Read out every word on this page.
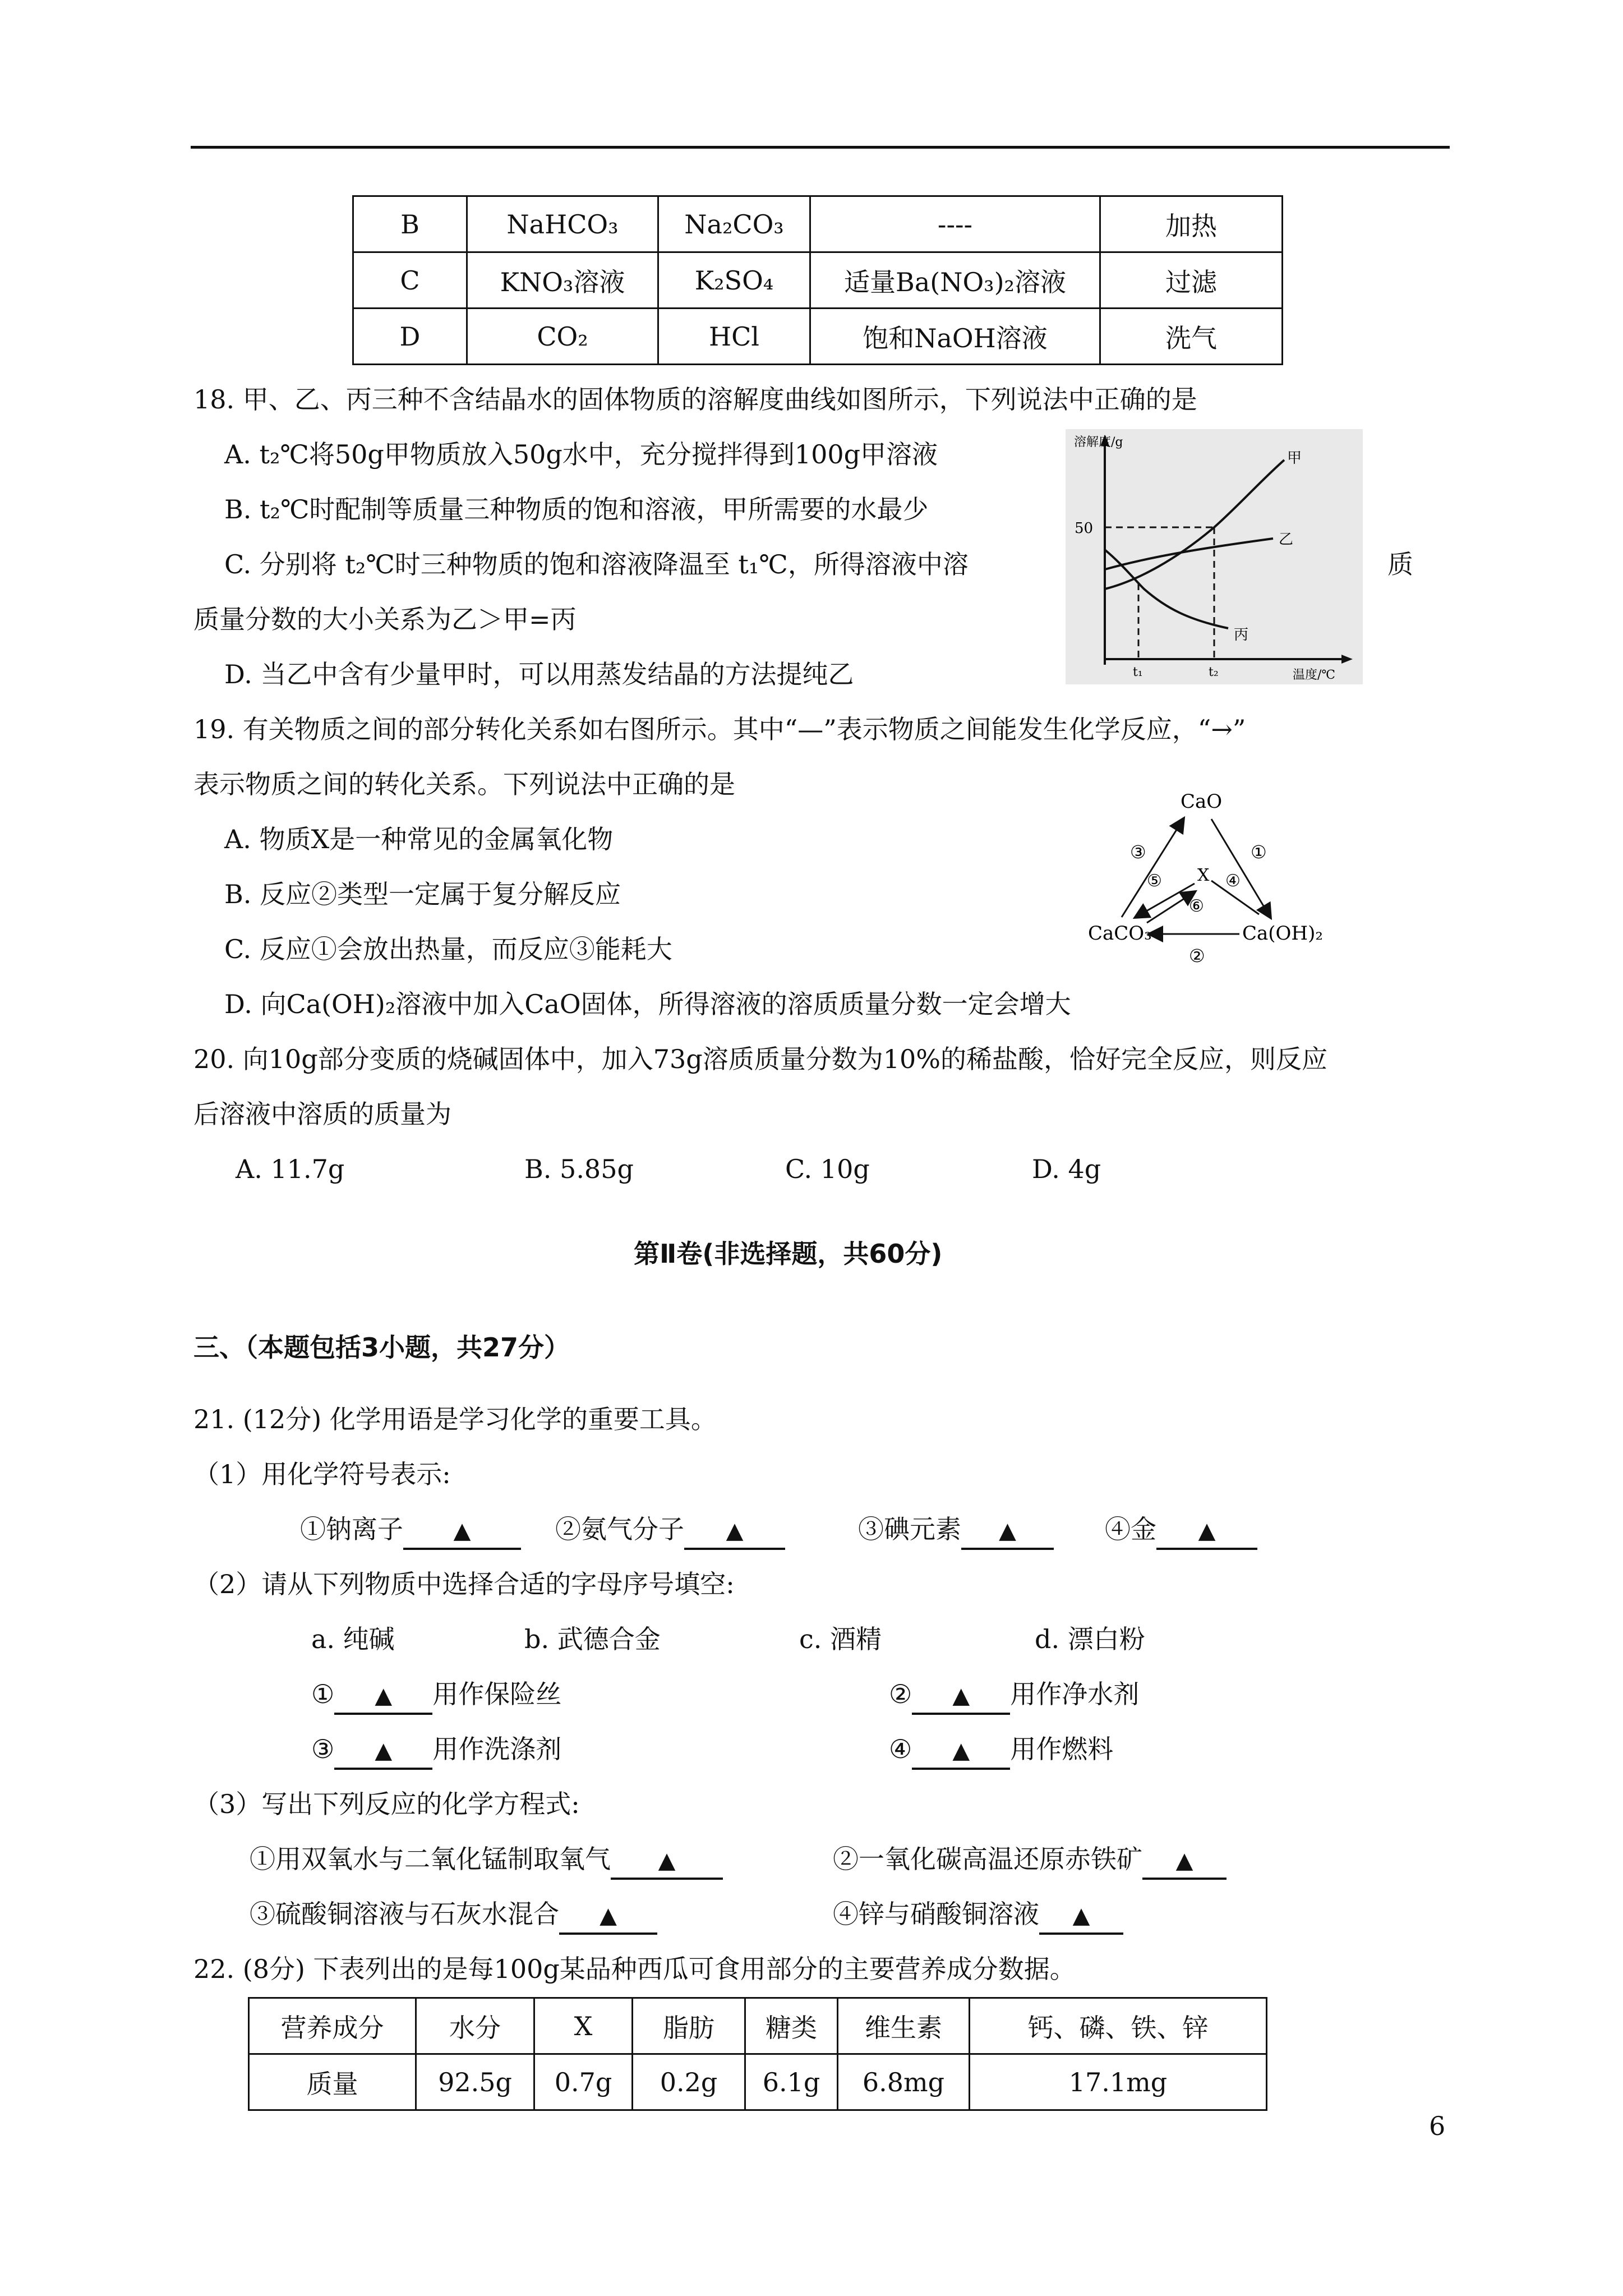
B	NaHCO₃	Na₂CO₃	----	加热
C	KNO₃溶液	K₂SO₄	适量Ba(NO₃)₂溶液	过滤
D	CO₂	HCl	饱和NaOH溶液	洗气
18. 甲、乙、丙三种不含结晶水的固体物质的溶解度曲线如图所示，下列说法中正确的是
A. t₂℃将50g甲物质放入50g水中，充分搅拌得到100g甲溶液
B. t₂℃时配制等质量三种物质的饱和溶液，甲所需要的水最少
C. 分别将 t₂℃时三种物质的饱和溶液降温至 t₁℃，所得溶液中溶	质
质量分数的大小关系为乙＞甲=丙
D. 当乙中含有少量甲时，可以用蒸发结晶的方法提纯乙
溶解度/g
50
甲
乙
丙
t₁	t₂	温度/℃
19. 有关物质之间的部分转化关系如右图所示。其中“—”表示物质之间能发生化学反应，“→”
表示物质之间的转化关系。下列说法中正确的是
A. 物质X是一种常见的金属氧化物
B. 反应②类型一定属于复分解反应
C. 反应①会放出热量，而反应③能耗大
D. 向Ca(OH)₂溶液中加入CaO固体，所得溶液的溶质质量分数一定会增大
CaO
CaCO₃	Ca(OH)₂
X
③	①
⑤	④
⑥
②
20. 向10g部分变质的烧碱固体中，加入73g溶质质量分数为10%的稀盐酸，恰好完全反应，则反应
后溶液中溶质的质量为
A. 11.7g	B. 5.85g	C. 10g	D. 4g
第Ⅱ卷(非选择题，共60分)
三、（本题包括3小题，共27分）
21. (12分) 化学用语是学习化学的重要工具。
（1）用化学符号表示:
①钠离子 ▲	②氨气分子 ▲	③碘元素 ▲	④金 ▲
（2）请从下列物质中选择合适的字母序号填空:
a. 纯碱	b. 武德合金	c. 酒精	d. 漂白粉
① ▲ 用作保险丝	② ▲ 用作净水剂
③ ▲ 用作洗涤剂	④ ▲ 用作燃料
（3）写出下列反应的化学方程式:
①用双氧水与二氧化锰制取氧气 ▲	②一氧化碳高温还原赤铁矿 ▲
③硫酸铜溶液与石灰水混合 ▲	④锌与硝酸铜溶液 ▲
22. (8分) 下表列出的是每100g某品种西瓜可食用部分的主要营养成分数据。
营养成分	水分	X	脂肪	糖类	维生素	钙、磷、铁、锌
质量	92.5g	0.7g	0.2g	6.1g	6.8mg	17.1mg
6
